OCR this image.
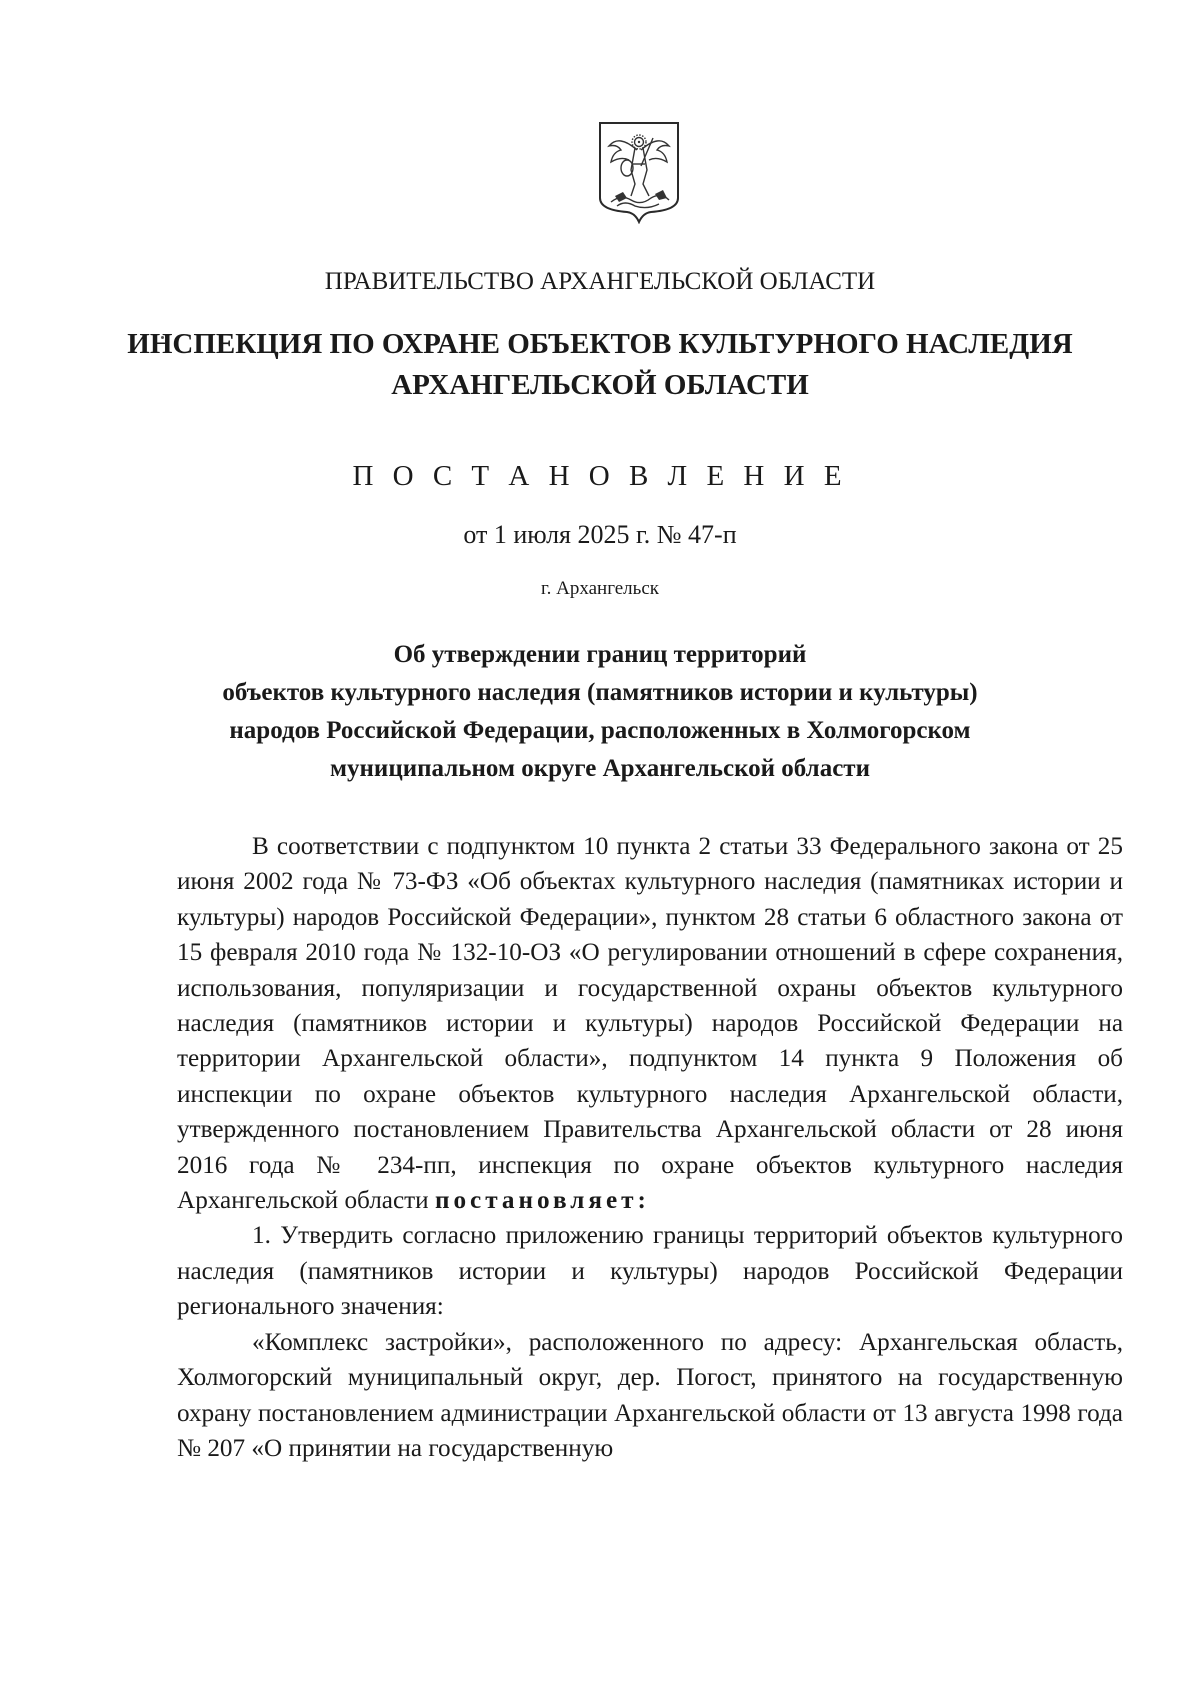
ПРАВИТЕЛЬСТВО АРХАНГЕЛЬСКОЙ ОБЛАСТИ
ИНСПЕКЦИЯ ПО ОХРАНЕ ОБЪЕКТОВ КУЛЬТУРНОГО НАСЛЕДИЯ
АРХАНГЕЛЬСКОЙ ОБЛАСТИ
П О С Т А Н О В Л Е Н И Е
от 1 июля 2025 г. № 47-п
г. Архангельск
Об утверждении границ территорий
объектов культурного наследия (памятников истории и культуры)
народов Российской Федерации, расположенных в Холмогорском
муниципальном округе Архангельской области

В соответствии с подпунктом 10 пункта 2 статьи 33 Федерального закона от 25 июня 2002 года № 73-ФЗ «Об объектах культурного наследия (памятниках истории и культуры) народов Российской Федерации», пунктом 28 статьи 6 областного закона от 15 февраля 2010 года № 132-10-ОЗ «О регулировании отношений в сфере сохранения, использования, популяризации и государственной охраны объектов культурного наследия (памятников истории и культуры) народов Российской Федерации на территории Архангельской области», подпунктом 14 пункта 9 Положения об инспекции по охране объектов культурного наследия Архангельской области, утвержденного постановлением Правительства Архангельской области от 28 июня 2016 года № 234-пп, инспекция по охране объектов культурного наследия Архангельской области постановляет:

1. Утвердить согласно приложению границы территорий объектов культурного наследия (памятников истории и культуры) народов Российской Федерации регионального значения:

«Комплекс застройки», расположенного по адресу: Архангельская область, Холмогорский муниципальный округ, дер. Погост, принятого на государственную охрану постановлением администрации Архангельской области от 13 августа 1998 года № 207 «О принятии на государственную
